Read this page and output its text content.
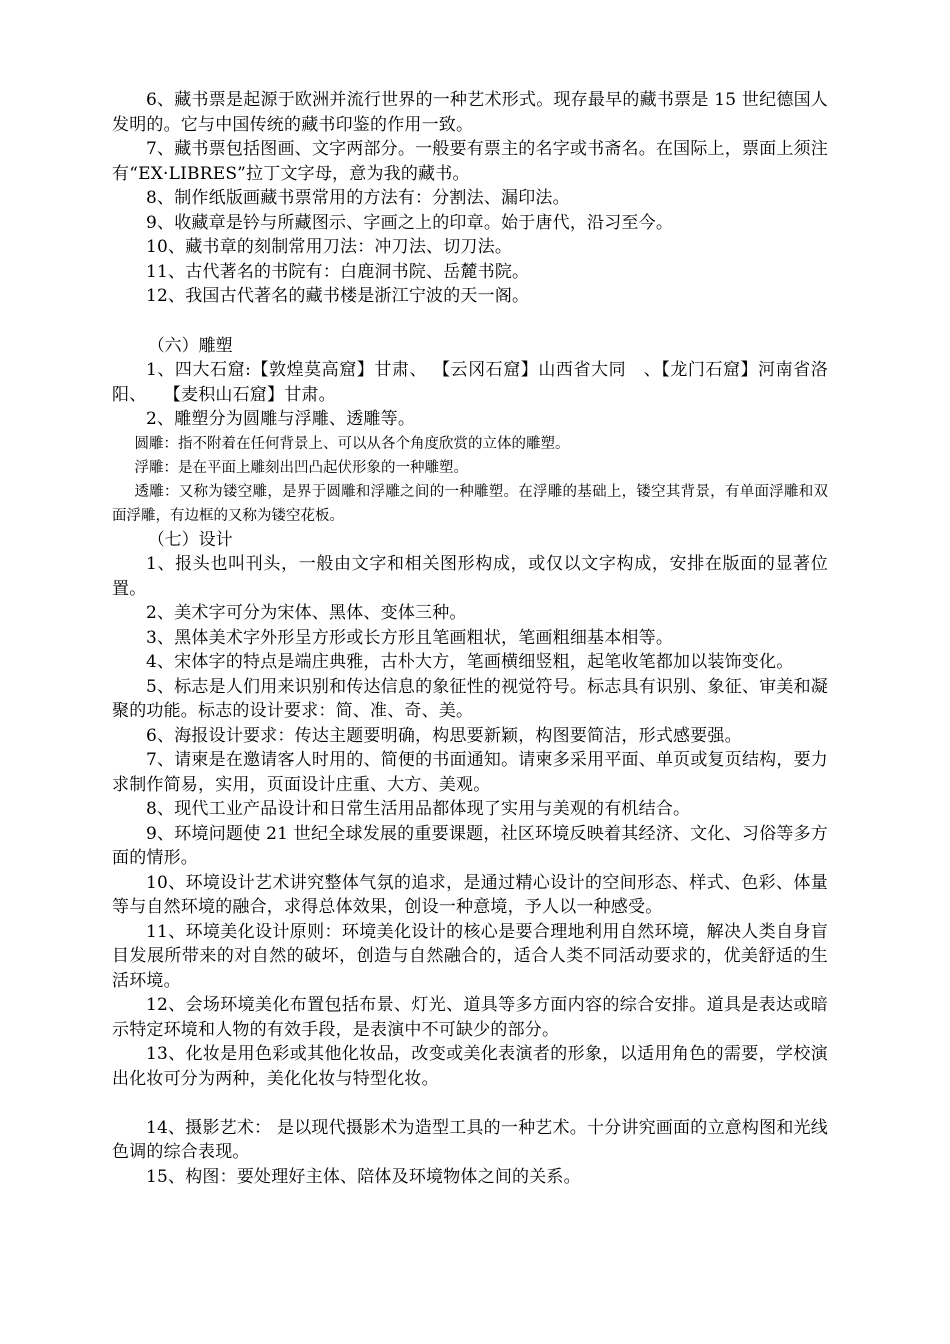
6、藏书票是起源于欧洲并流行世界的一种艺术形式。现存最早的藏书票是 15 世纪德国人发明的。它与中国传统的藏书印鉴的作用一致。

7、藏书票包括图画、文字两部分。一般要有票主的名字或书斋名。在国际上，票面上须注有“EX·LIBRES”拉丁文字母，意为我的藏书。

8、制作纸版画藏书票常用的方法有：分割法、漏印法。

9、收藏章是钤与所藏图示、字画之上的印章。始于唐代，沿习至今。

10、藏书章的刻制常用刀法：冲刀法、切刀法。

11、古代著名的书院有：白鹿洞书院、岳麓书院。

12、我国古代著名的藏书楼是浙江宁波的天一阁。

（六）雕塑

1、四大石窟:【敦煌莫高窟】甘肃、 【云冈石窟】山西省大同　、【龙门石窟】河南省洛阳、　　【麦积山石窟】甘肃。

2、雕塑分为圆雕与浮雕、透雕等。

圆雕：指不附着在任何背景上、可以从各个角度欣赏的立体的雕塑。

浮雕：是在平面上雕刻出凹凸起伏形象的一种雕塑。

透雕：又称为镂空雕，是界于圆雕和浮雕之间的一种雕塑。在浮雕的基础上，镂空其背景，有单面浮雕和双面浮雕，有边框的又称为镂空花板。

（七）设计

1、报头也叫刊头，一般由文字和相关图形构成，或仅以文字构成，安排在版面的显著位置。

2、美术字可分为宋体、黑体、变体三种。

3、黑体美术字外形呈方形或长方形且笔画粗状，笔画粗细基本相等。

4、宋体字的特点是端庄典雅，古朴大方，笔画横细竖粗，起笔收笔都加以装饰变化。

5、标志是人们用来识别和传达信息的象征性的视觉符号。标志具有识别、象征、审美和凝聚的功能。标志的设计要求：简、准、奇、美。

6、海报设计要求：传达主题要明确，构思要新颖，构图要简洁，形式感要强。

7、请柬是在邀请客人时用的、简便的书面通知。请柬多采用平面、单页或复页结构，要力求制作简易，实用，页面设计庄重、大方、美观。

8、现代工业产品设计和日常生活用品都体现了实用与美观的有机结合。

9、环境问题使 21 世纪全球发展的重要课题，社区环境反映着其经济、文化、习俗等多方面的情形。

10、环境设计艺术讲究整体气氛的追求，是通过精心设计的空间形态、样式、色彩、体量等与自然环境的融合，求得总体效果，创设一种意境，予人以一种感受。

11、环境美化设计原则：环境美化设计的核心是要合理地利用自然环境，解决人类自身盲目发展所带来的对自然的破坏，创造与自然融合的，适合人类不同活动要求的，优美舒适的生活环境。

12、会场环境美化布置包括布景、灯光、道具等多方面内容的综合安排。道具是表达或暗示特定环境和人物的有效手段，是表演中不可缺少的部分。

13、化妆是用色彩或其他化妆品，改变或美化表演者的形象，以适用角色的需要，学校演出化妆可分为两种，美化化妆与特型化妆。

14、摄影艺术： 是以现代摄影术为造型工具的一种艺术。十分讲究画面的立意构图和光线色调的综合表现。

15、构图：要处理好主体、陪体及环境物体之间的关系。
